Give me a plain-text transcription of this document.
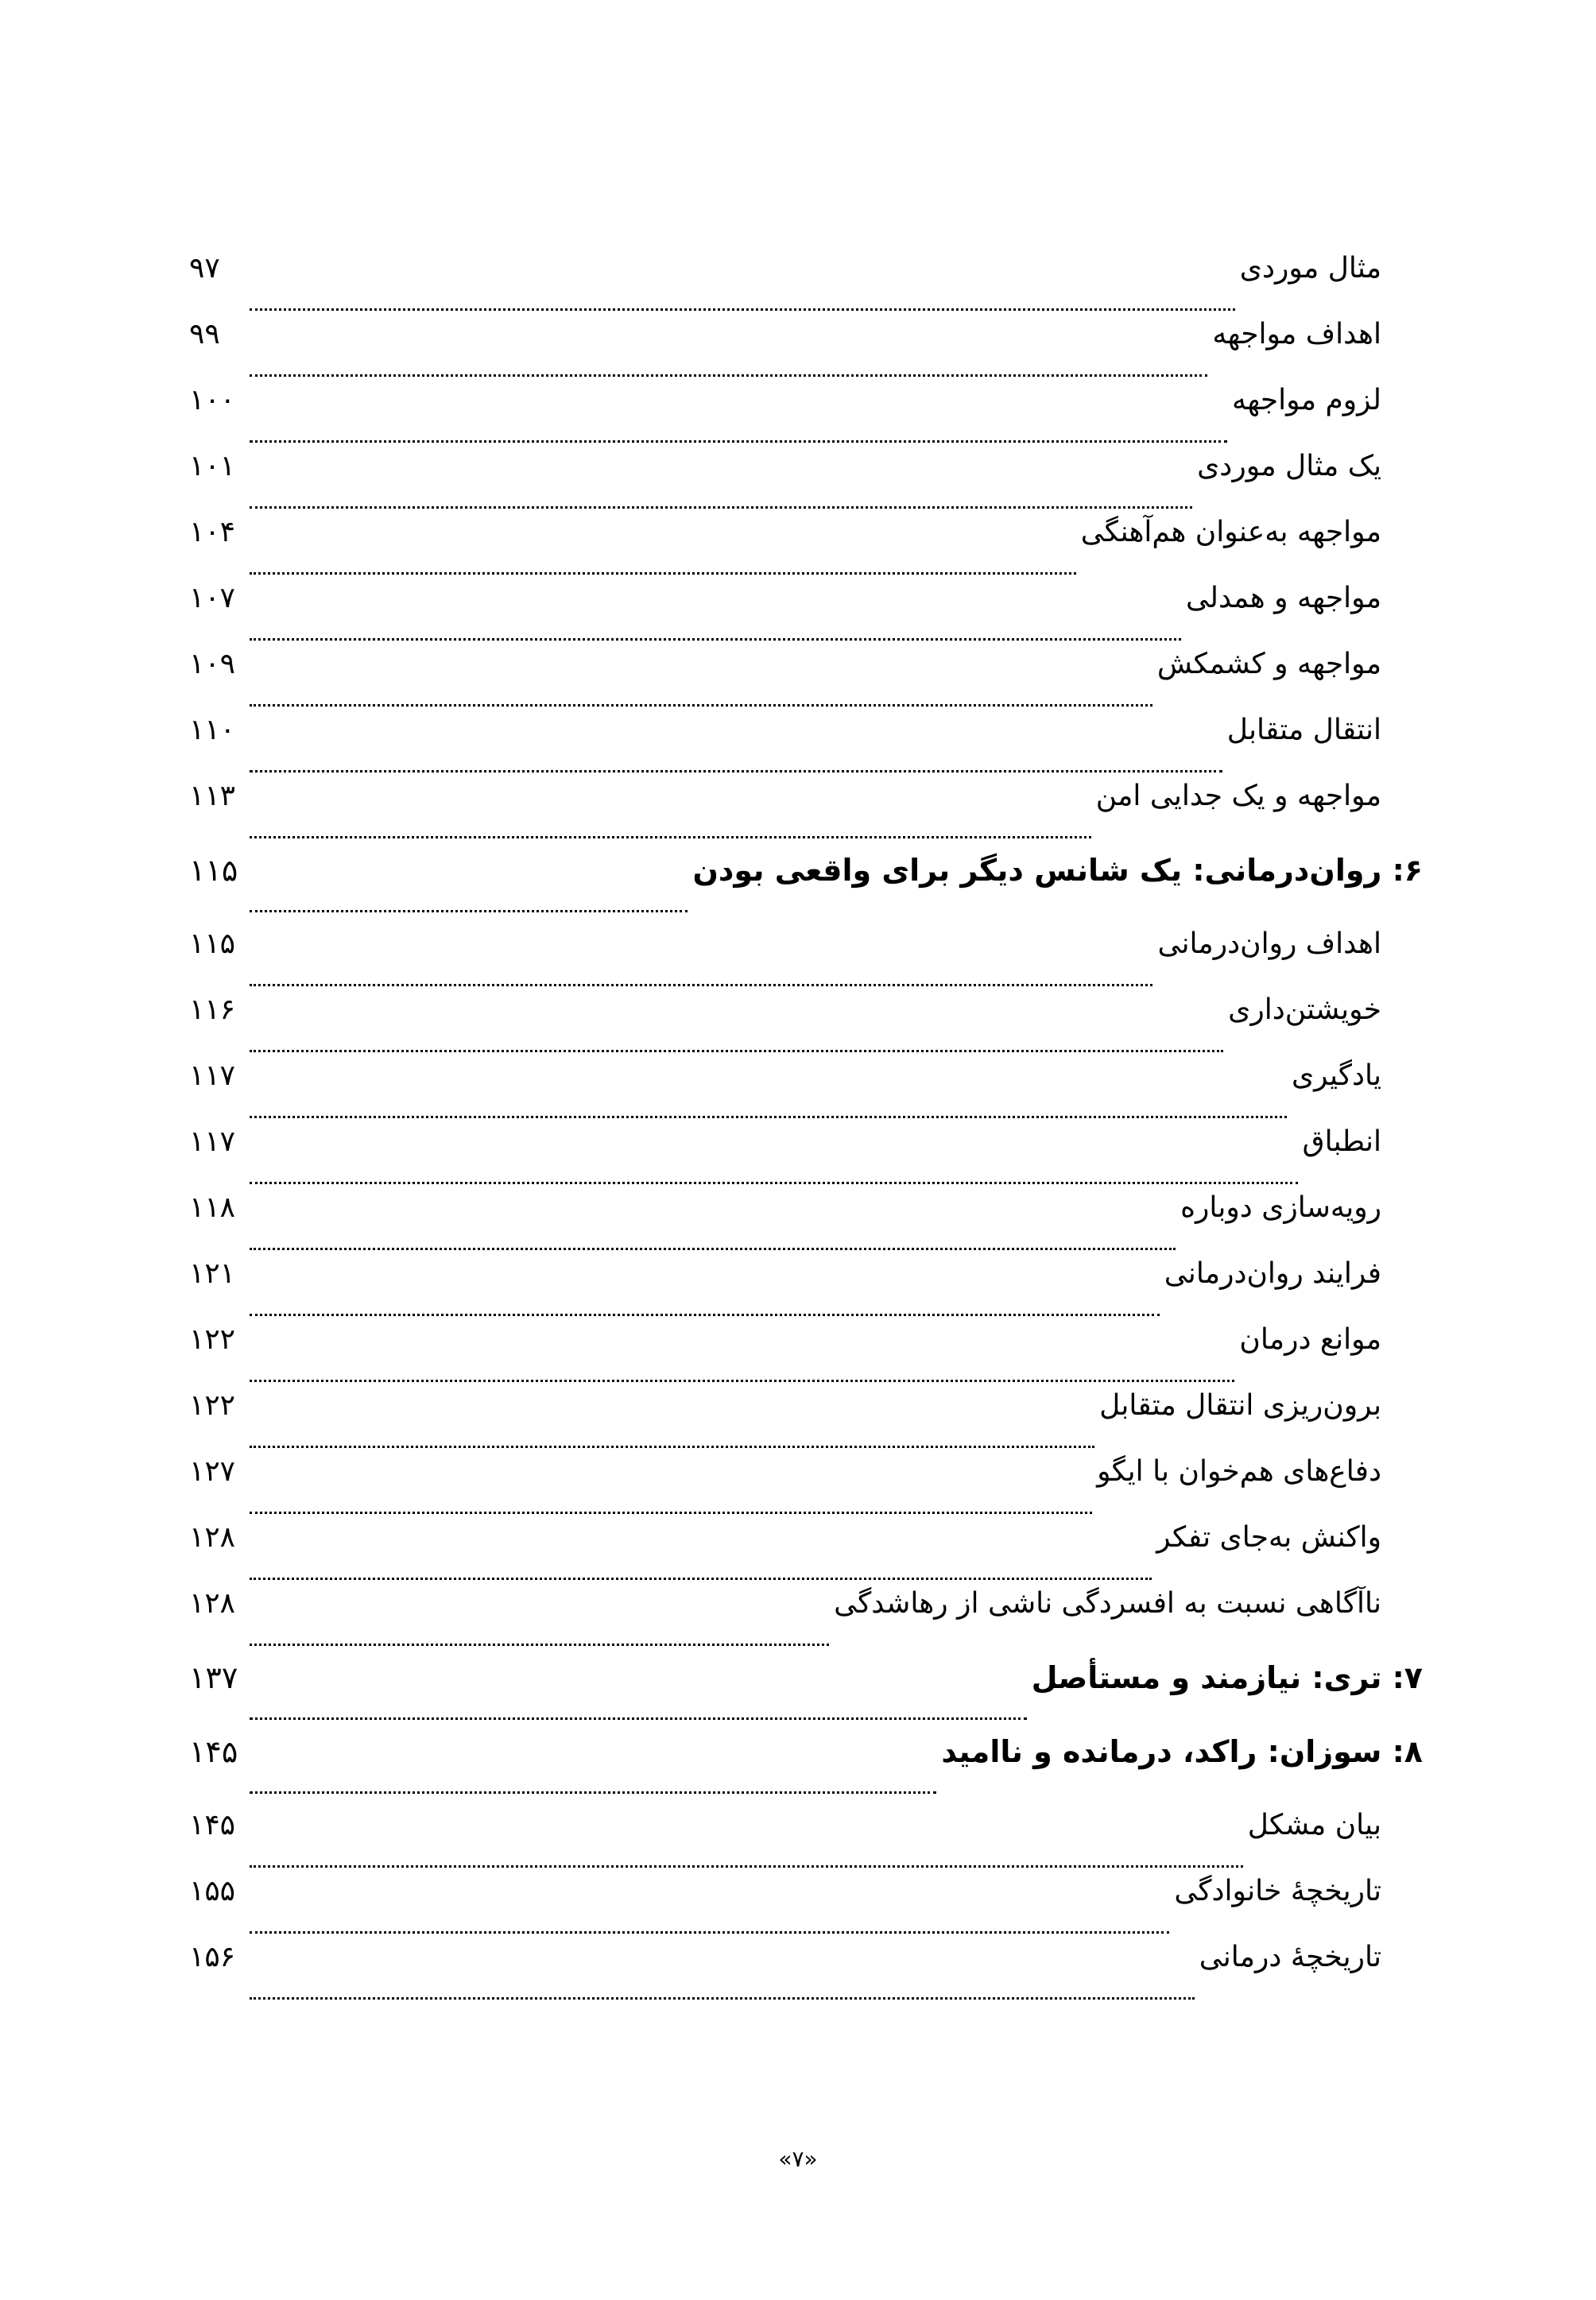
مثال موردی
۹۷
اهداف مواجهه
۹۹
لزوم مواجهه
۱۰۰
یک مثال موردی
۱۰۱
مواجهه به‌عنوان هم‌آهنگی
۱۰۴
مواجهه و همدلی
۱۰۷
مواجهه و کشمکش
۱۰۹
انتقال متقابل
۱۱۰
مواجهه و یک جدایی امن
۱۱۳
۶: روان‌درمانی: یک شانس دیگر برای واقعی بودن
۱۱۵
اهداف روان‌درمانی
۱۱۵
خویشتن‌داری
۱۱۶
یادگیری
۱۱۷
انطباق
۱۱۷
رویه‌سازی دوباره
۱۱۸
فرایند روان‌درمانی
۱۲۱
موانع درمان
۱۲۲
برون‌ریزی انتقال متقابل
۱۲۲
دفاع‌های هم‌خوان با ایگو
۱۲۷
واکنش به‌جای تفکر
۱۲۸
ناآگاهی نسبت به افسردگی ناشی از رهاشدگی
۱۲۸
۷: تری: نیازمند و مستأصل
۱۳۷
۸: سوزان: راکد، درمانده و ناامید
۱۴۵
بیان مشکل
۱۴۵
تاریخچهٔ خانوادگی
۱۵۵
تاریخچهٔ درمانی
۱۵۶
«۷»
